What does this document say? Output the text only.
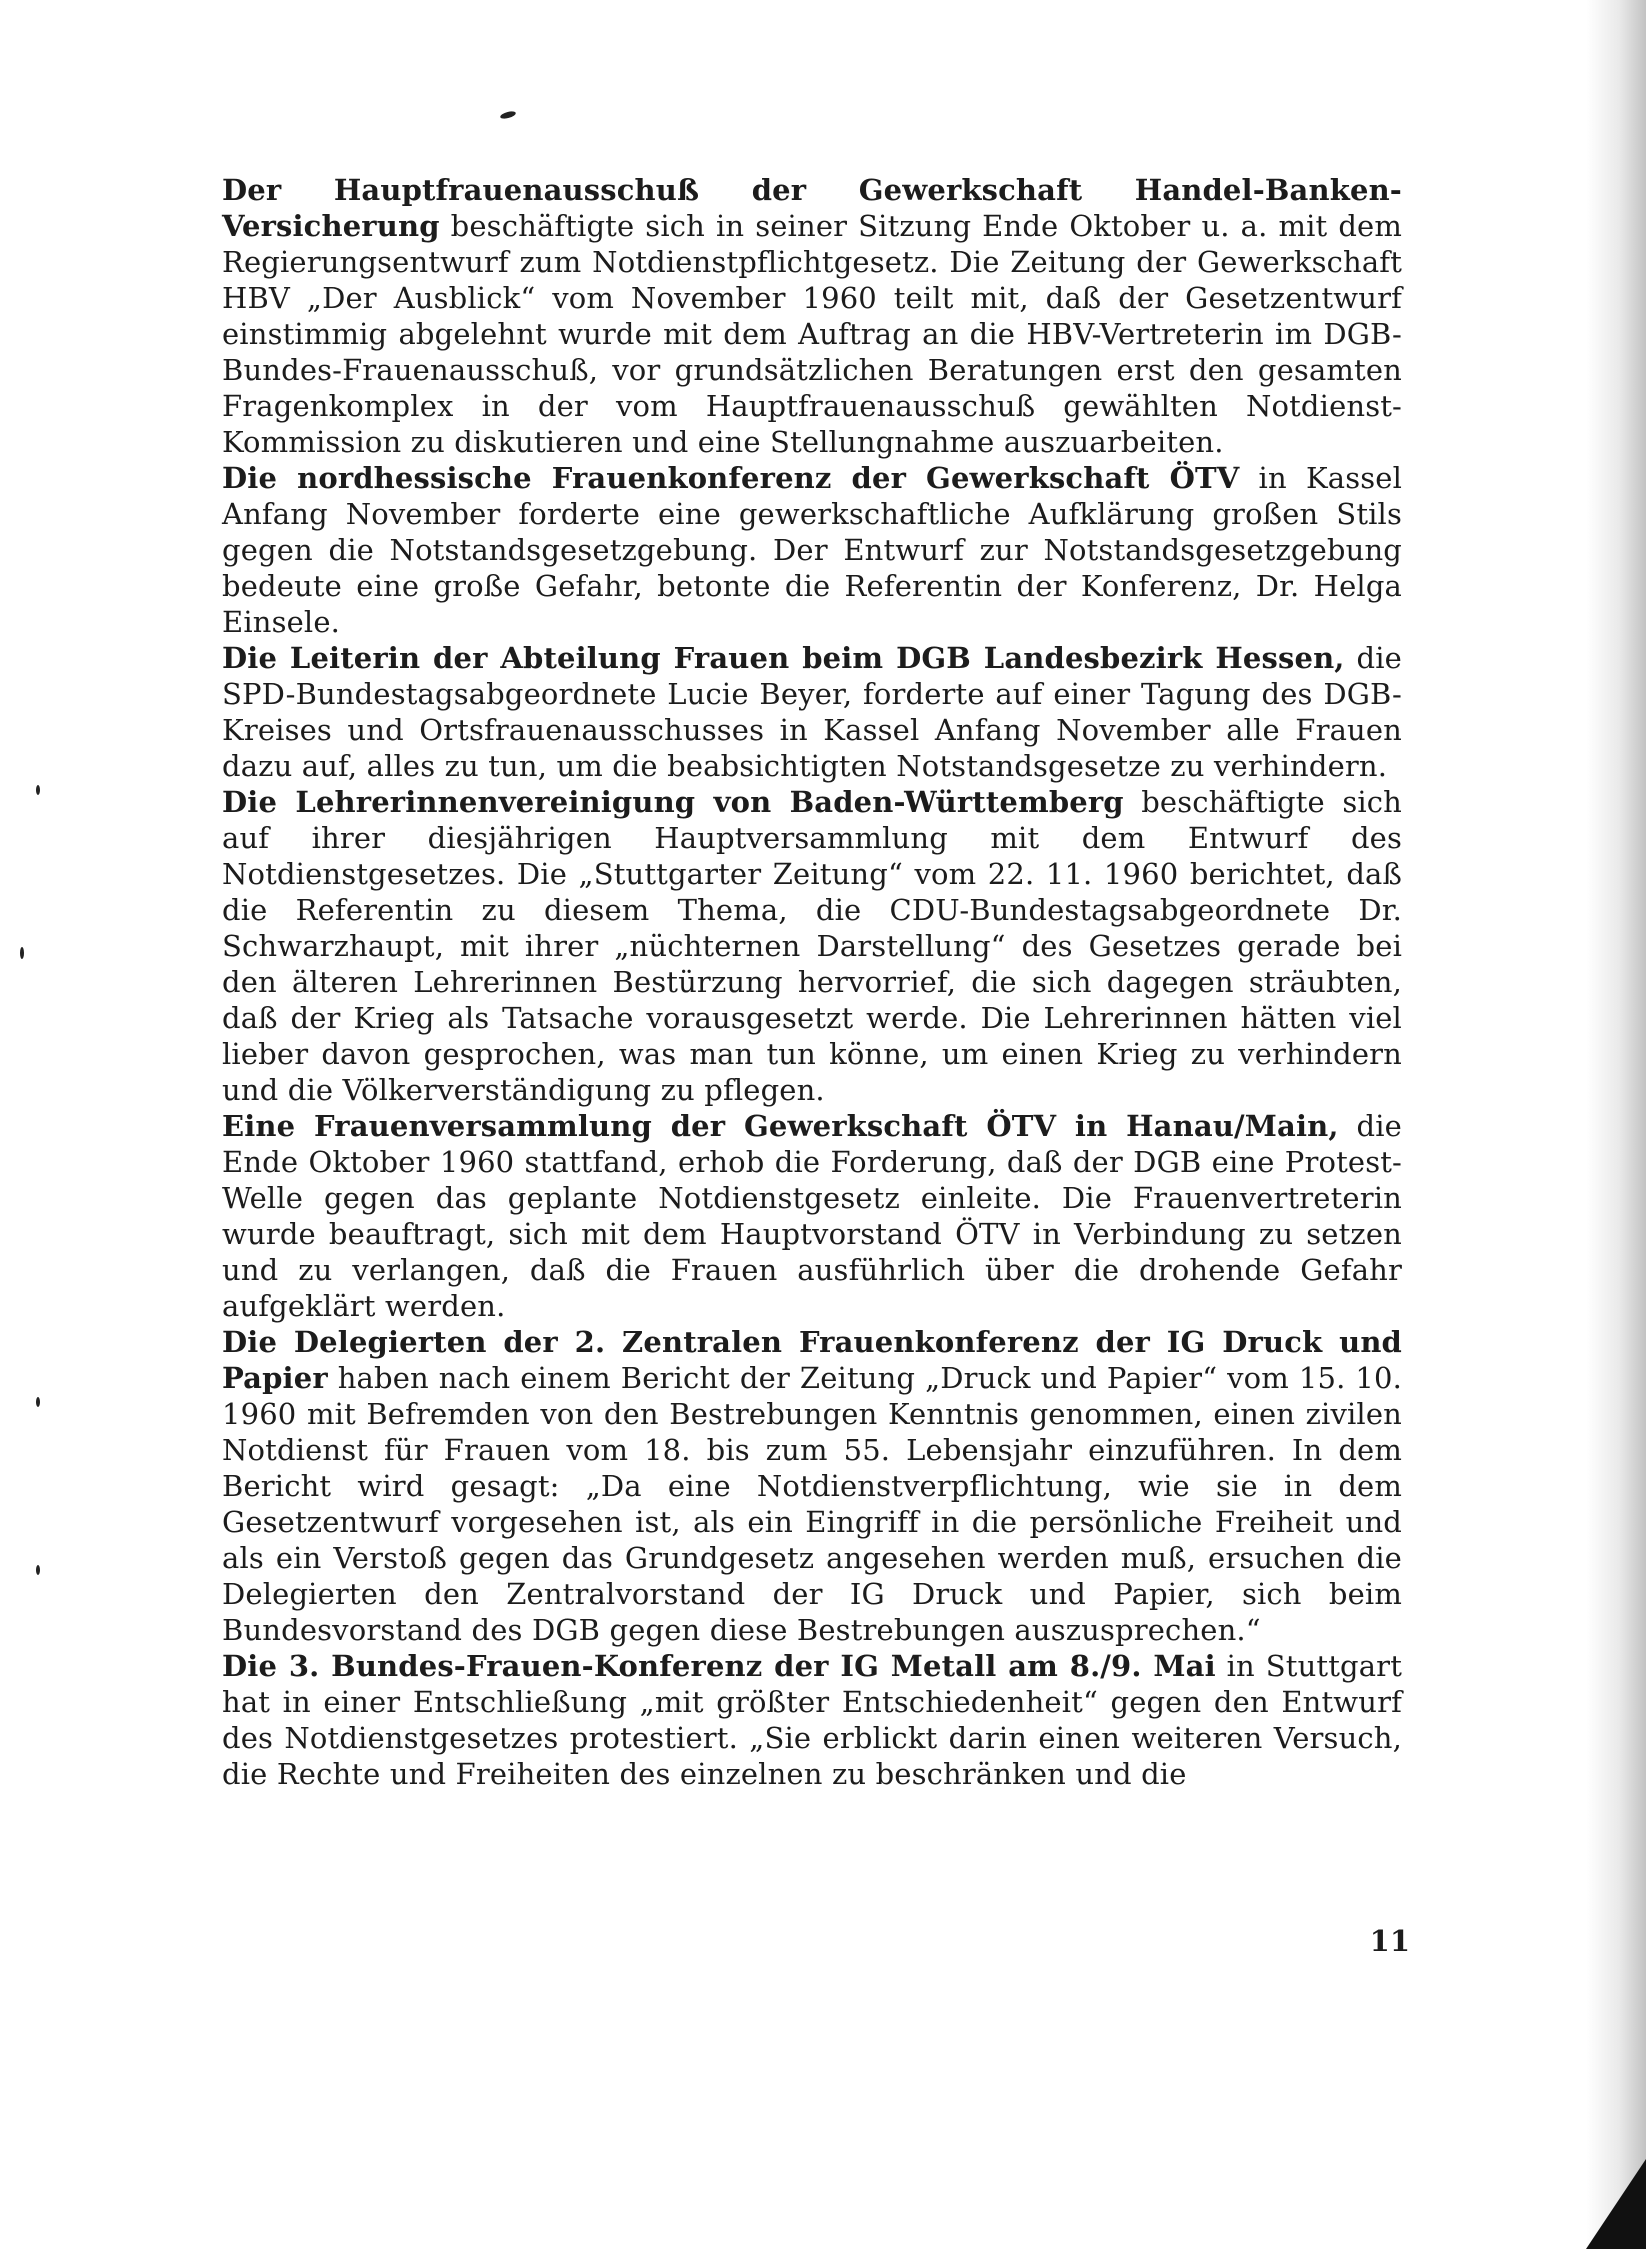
Der Hauptfrauenausschuß der Gewerkschaft Handel-Banken-Versicherung beschäftigte sich in seiner Sitzung Ende Oktober u. a. mit dem Regierungsentwurf zum Notdienstpflichtgesetz. Die Zeitung der Gewerkschaft HBV „Der Ausblick“ vom November 1960 teilt mit, daß der Gesetzentwurf einstimmig abgelehnt wurde mit dem Auftrag an die HBV-Vertreterin im DGB-Bundes-Frauenausschuß, vor grundsätzlichen Beratungen erst den gesamten Fragenkomplex in der vom Hauptfrauenausschuß gewählten Notdienst-Kommission zu diskutieren und eine Stellungnahme auszuarbeiten.

Die nordhessische Frauenkonferenz der Gewerkschaft ÖTV in Kassel Anfang November forderte eine gewerkschaftliche Aufklärung großen Stils gegen die Notstandsgesetzgebung. Der Entwurf zur Notstandsgesetzgebung bedeute eine große Gefahr, betonte die Referentin der Konferenz, Dr. Helga Einsele.

Die Leiterin der Abteilung Frauen beim DGB Landesbezirk Hessen, die SPD-Bundestagsabgeordnete Lucie Beyer, forderte auf einer Tagung des DGB-Kreises und Ortsfrauenausschusses in Kassel Anfang November alle Frauen dazu auf, alles zu tun, um die beabsichtigten Notstandsgesetze zu verhindern.

Die Lehrerinnenvereinigung von Baden-Württemberg beschäftigte sich auf ihrer diesjährigen Hauptversammlung mit dem Entwurf des Notdienstgesetzes. Die „Stuttgarter Zeitung“ vom 22. 11. 1960 berichtet, daß die Referentin zu diesem Thema, die CDU-Bundestagsabgeordnete Dr. Schwarzhaupt, mit ihrer „nüchternen Darstellung“ des Gesetzes gerade bei den älteren Lehrerinnen Bestürzung hervorrief, die sich dagegen sträubten, daß der Krieg als Tatsache vorausgesetzt werde. Die Lehrerinnen hätten viel lieber davon gesprochen, was man tun könne, um einen Krieg zu verhindern und die Völkerverständigung zu pflegen.

Eine Frauenversammlung der Gewerkschaft ÖTV in Hanau/Main, die Ende Oktober 1960 stattfand, erhob die Forderung, daß der DGB eine Protest-Welle gegen das geplante Notdienstgesetz einleite. Die Frauenvertreterin wurde beauftragt, sich mit dem Hauptvorstand ÖTV in Verbindung zu setzen und zu verlangen, daß die Frauen ausführlich über die drohende Gefahr aufgeklärt werden.

Die Delegierten der 2. Zentralen Frauenkonferenz der IG Druck und Papier haben nach einem Bericht der Zeitung „Druck und Papier“ vom 15. 10. 1960 mit Befremden von den Bestrebungen Kenntnis genommen, einen zivilen Notdienst für Frauen vom 18. bis zum 55. Lebensjahr einzuführen. In dem Bericht wird gesagt: „Da eine Notdienstverpflichtung, wie sie in dem Gesetzentwurf vorgesehen ist, als ein Eingriff in die persönliche Freiheit und als ein Verstoß gegen das Grundgesetz angesehen werden muß, ersuchen die Delegierten den Zentralvorstand der IG Druck und Papier, sich beim Bundesvorstand des DGB gegen diese Bestrebungen auszusprechen.“

Die 3. Bundes-Frauen-Konferenz der IG Metall am 8./9. Mai in Stuttgart hat in einer Entschließung „mit größter Entschiedenheit“ gegen den Entwurf des Notdienstgesetzes protestiert. „Sie erblickt darin einen weiteren Versuch, die Rechte und Freiheiten des einzelnen zu beschränken und die

11
